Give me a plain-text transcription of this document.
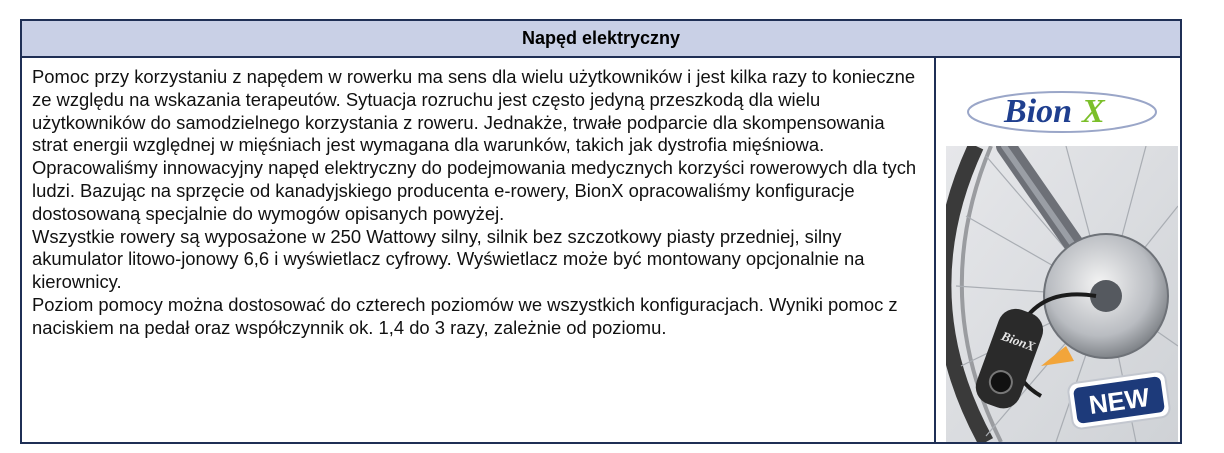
Napęd elektryczny

Pomoc przy korzystaniu z napędem w rowerku ma sens dla wielu użytkowników i jest kilka razy to konieczne ze względu na wskazania terapeutów. Sytuacja rozruchu jest często jedyną przeszkodą dla wielu użytkowników do samodzielnego korzystania z roweru. Jednakże, trwałe podparcie dla skompensowania strat energii względnej w mięśniach jest wymagana dla warunków, takich jak dystrofia mięśniowa.

Opracowaliśmy innowacyjny napęd elektryczny do podejmowania medycznych korzyści rowerowych dla tych ludzi. Bazując na sprzęcie od kanadyjskiego producenta e-rowery, BionX opracowaliśmy konfiguracje dostosowaną specjalnie do wymogów opisanych powyżej.

Wszystkie rowery są wyposażone w 250 Wattowy silny, silnik bez szczotkowy piasty przedniej, silny akumulator litowo-jonowy 6,6 i wyświetlacz cyfrowy. Wyświetlacz może być montowany opcjonalnie na kierownicy.

Poziom pomocy można dostosować do czterech poziomów we wszystkich konfiguracjach. Wyniki pomoc z naciskiem na pedał oraz współczynnik ok. 1,4 do 3 razy, zależnie od poziomu.

Bion X
BionX
NEW
